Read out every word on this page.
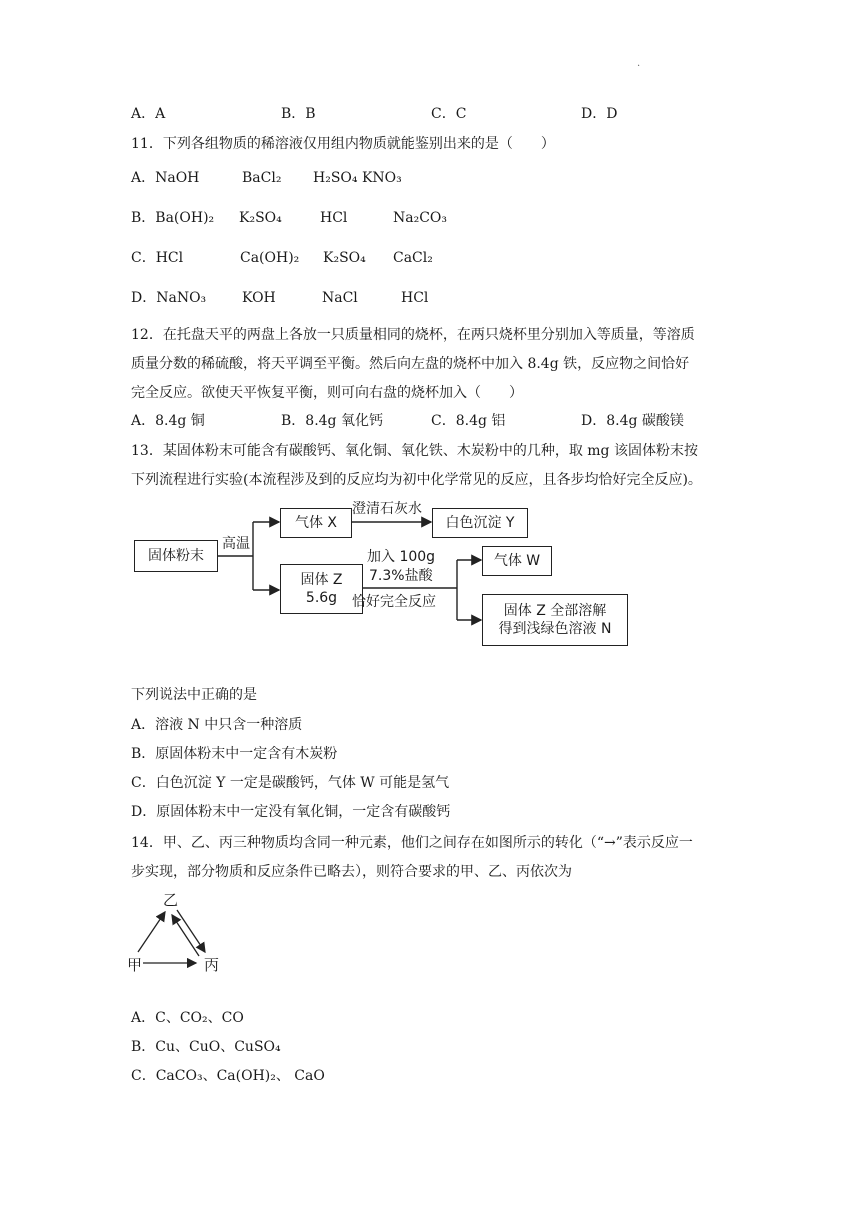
.
A．A	B．B	C．C	D．D
11．下列各组物质的稀溶液仅用组内物质就能鉴别出来的是（　　）
A．NaOH	BaCl₂ H₂SO₄ KNO₃
B．Ba(OH)₂ K₂SO₄	HCl	Na₂CO₃
C．HCl	Ca(OH)₂ K₂SO₄ CaCl₂
D．NaNO₃	KOH	NaCl	HCl
12．在托盘天平的两盘上各放一只质量相同的烧杯，在两只烧杯里分别加入等质量，等溶质
质量分数的稀硫酸，将天平调至平衡。然后向左盘的烧杯中加入 8.4g 铁，反应物之间恰好
完全反应。欲使天平恢复平衡，则可向右盘的烧杯加入（　　）
A．8.4g 铜	B．8.4g 氧化钙	C．8.4g 铝	D．8.4g 碳酸镁
13．某固体粉末可能含有碳酸钙、氧化铜、氧化铁、木炭粉中的几种，取 mg 该固体粉末按
下列流程进行实验(本流程涉及到的反应均为初中化学常见的反应，且各步均恰好完全反应)。
固体粉末
高温
气体 X
澄清石灰水
白色沉淀 Y
固体 Z
5.6g
加入 100g
7.3%盐酸
恰好完全反应
气体 W
固体 Z 全部溶解
得到浅绿色溶液 N
下列说法中正确的是
A．溶液 N 中只含一种溶质
B．原固体粉末中一定含有木炭粉
C．白色沉淀 Y 一定是碳酸钙，气体 W 可能是氢气
D．原固体粉末中一定没有氧化铜，一定含有碳酸钙
14．甲、乙、丙三种物质均含同一种元素，他们之间存在如图所示的转化（“→”表示反应一
步实现，部分物质和反应条件已略去），则符合要求的甲、乙、丙依次为
乙
甲	丙
A．C、CO₂、CO
B．Cu、CuO、CuSO₄
C．CaCO₃、Ca(OH)₂、 CaO
